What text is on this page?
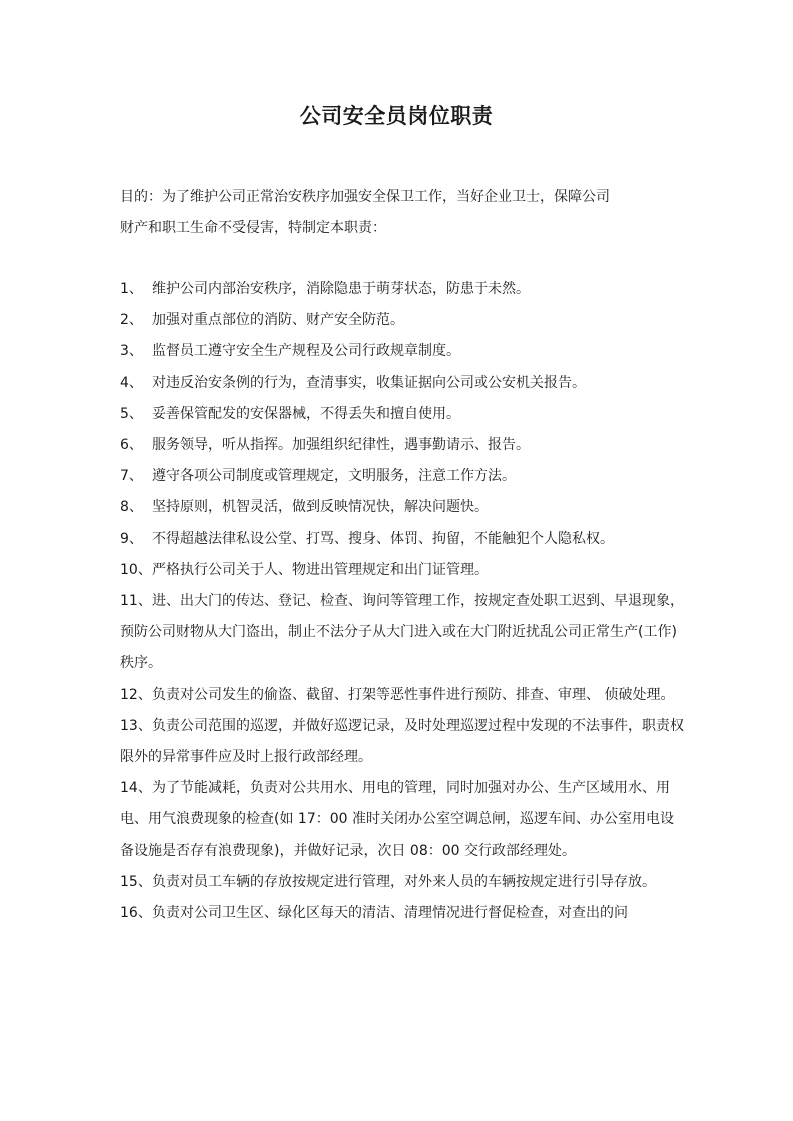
公司安全员岗位职责

目的：为了维护公司正常治安秩序加强安全保卫工作，当好企业卫士，保障公司

财产和职工生命不受侵害，特制定本职责：

1、 维护公司内部治安秩序，消除隐患于萌芽状态，防患于未然。
2、 加强对重点部位的消防、财产安全防范。
3、 监督员工遵守安全生产规程及公司行政规章制度。
4、 对违反治安条例的行为，查清事实，收集证据向公司或公安机关报告。
5、 妥善保管配发的安保器械，不得丢失和擅自使用。
6、 服务领导，听从指挥。加强组织纪律性，遇事勤请示、报告。
7、 遵守各项公司制度或管理规定，文明服务，注意工作方法。
8、 坚持原则，机智灵活，做到反映情况快，解决问题快。
9、 不得超越法律私设公堂、打骂、搜身、体罚、拘留，不能触犯个人隐私权。
10、严格执行公司关于人、物进出管理规定和出门证管理。
11、进、出大门的传达、登记、检查、询问等管理工作，按规定查处职工迟到、早退现象，预防公司财物从大门盗出，制止不法分子从大门进入或在大门附近扰乱公司正常生产(工作)秩序。
12、负责对公司发生的偷盗、截留、打架等恶性事件进行预防、排查、审理、 侦破处理。
13、负责公司范围的巡逻，并做好巡逻记录，及时处理巡逻过程中发现的不法事件，职责权限外的异常事件应及时上报行政部经理。
14、为了节能减耗，负责对公共用水、用电的管理，同时加强对办公、生产区域用水、用电、用气浪费现象的检查(如 17：00 准时关闭办公室空调总闸，巡逻车间、办公室用电设备设施是否存有浪费现象)，并做好记录，次日 08：00 交行政部经理处。
15、负责对员工车辆的存放按规定进行管理，对外来人员的车辆按规定进行引导存放。
16、负责对公司卫生区、绿化区每天的清洁、清理情况进行督促检查，对查出的问
